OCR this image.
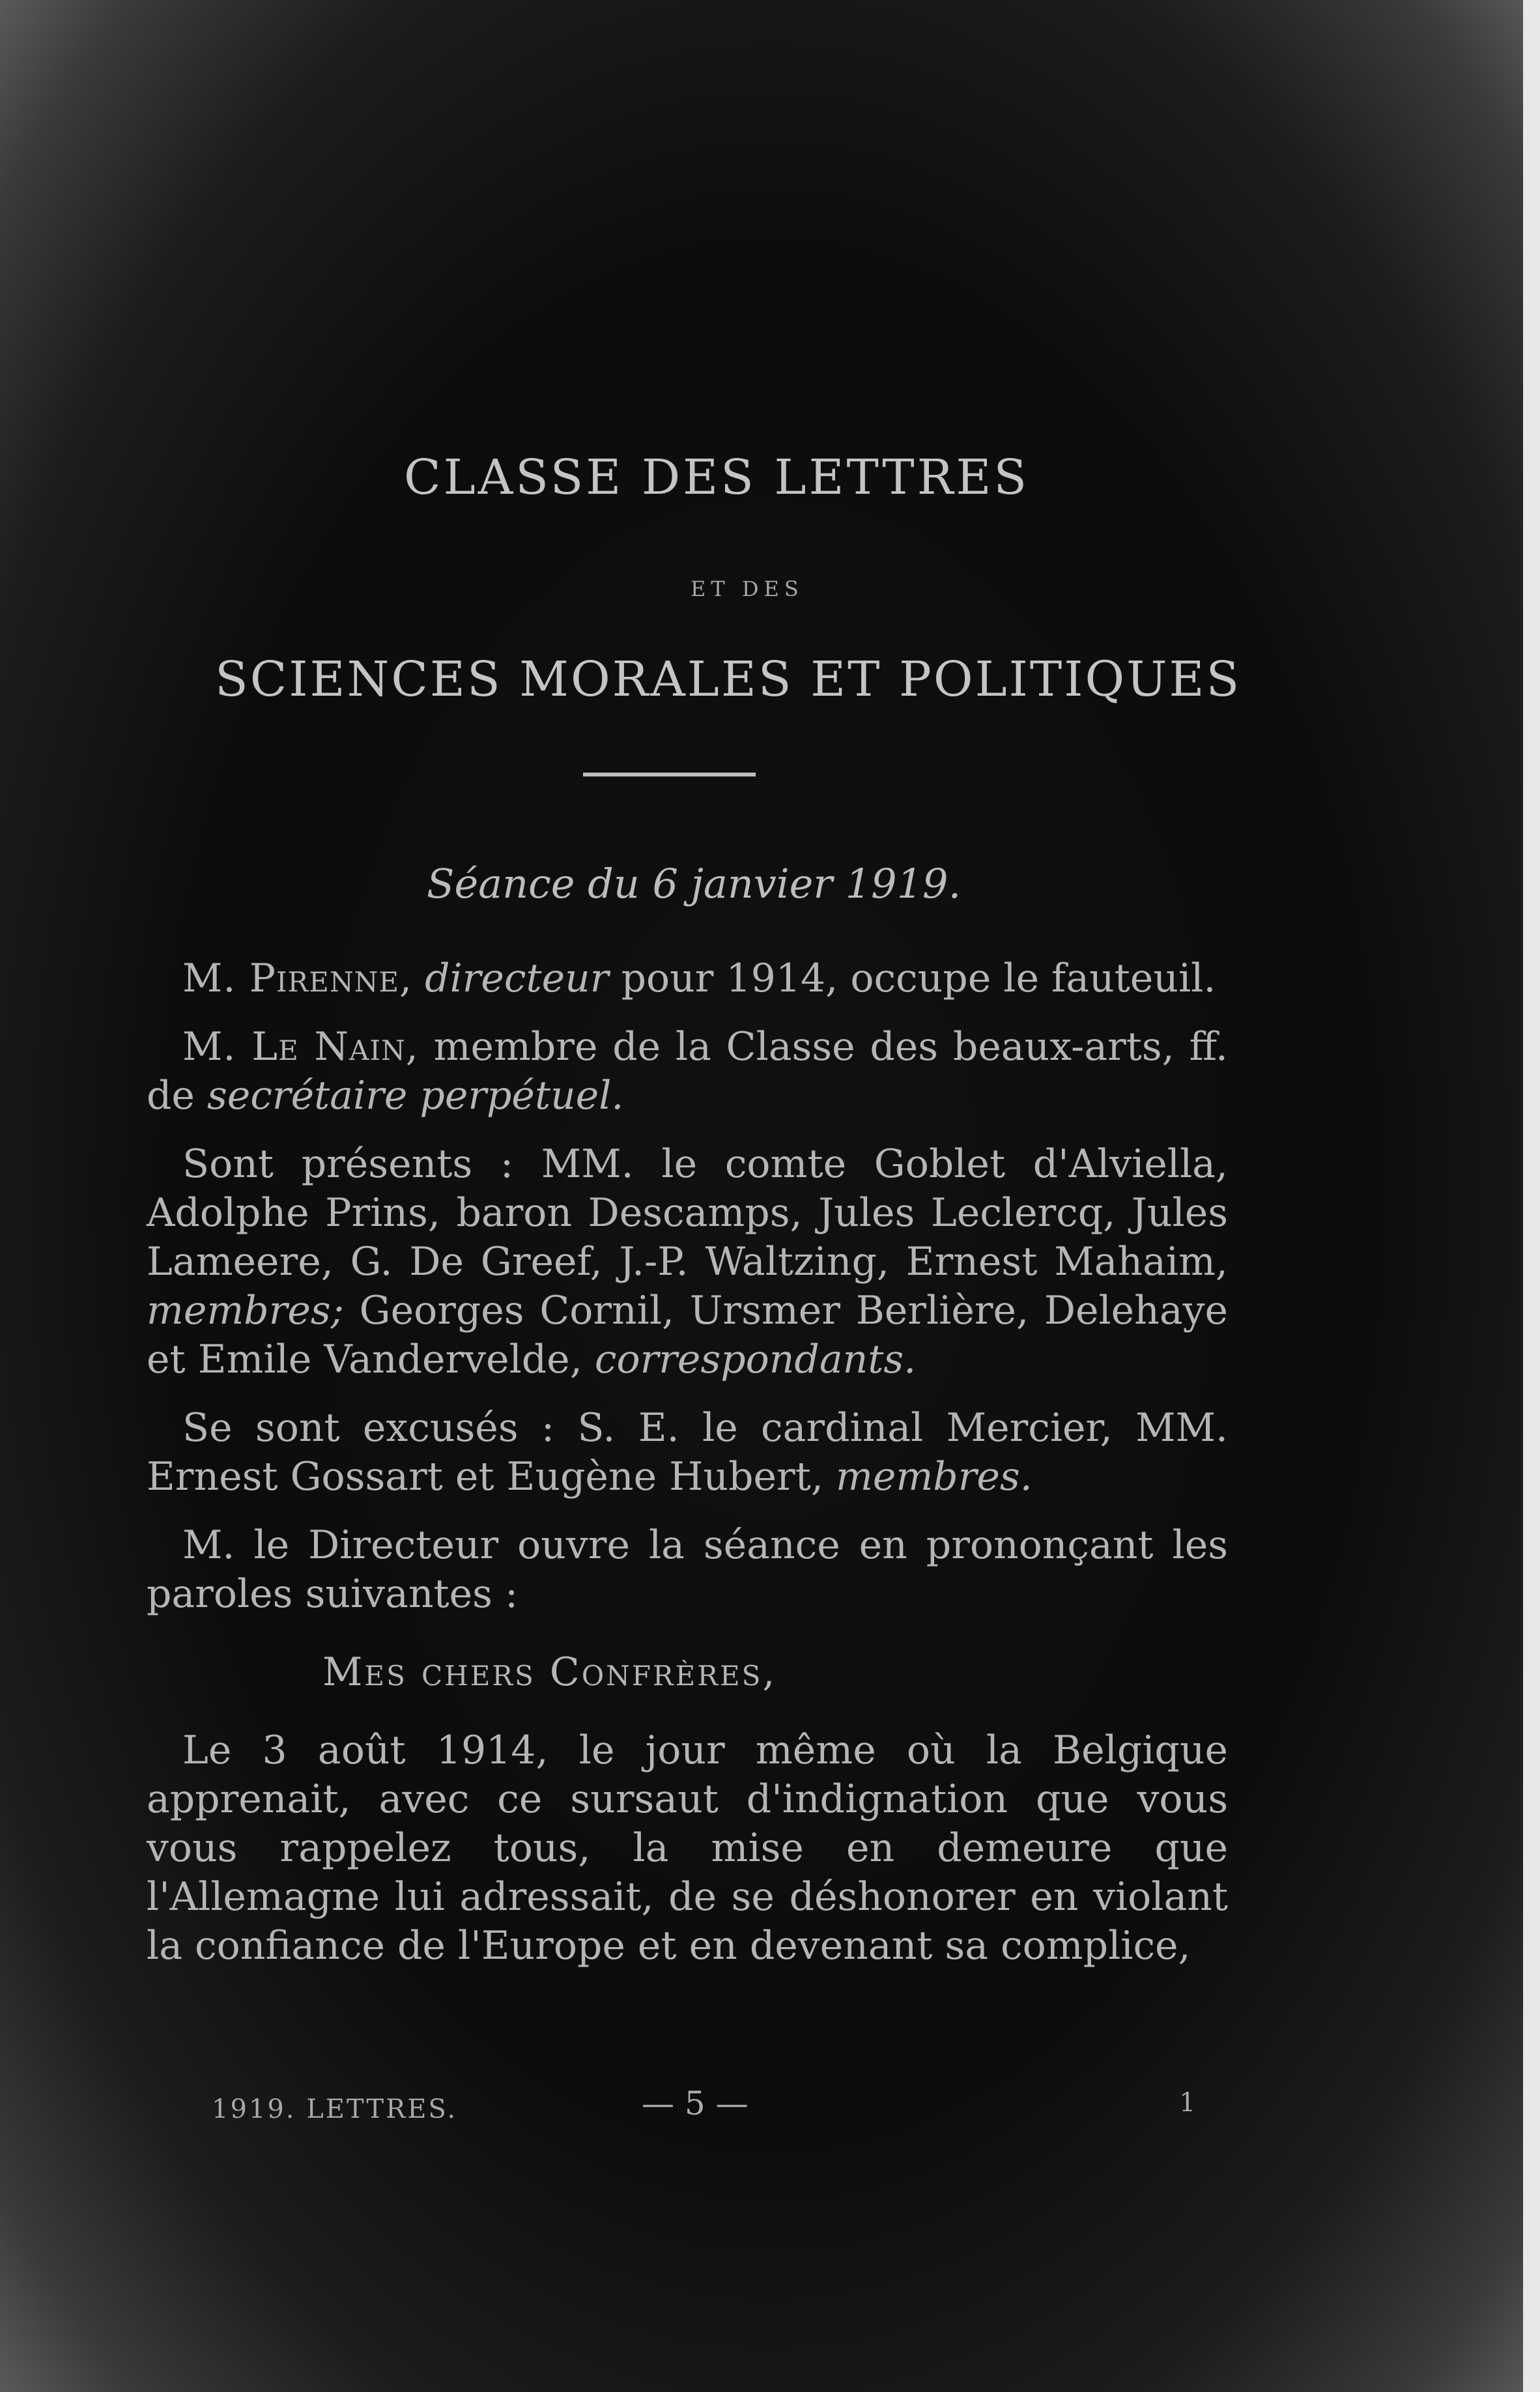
CLASSE DES LETTRES
ET DES
SCIENCES MORALES ET POLITIQUES
Séance du 6 janvier 1919.

M. Pirenne, directeur pour 1914, occupe le fauteuil.

M. Le Nain, membre de la Classe des beaux-arts, ff. de secrétaire perpétuel.

Sont présents : MM. le comte Goblet d'Alviella, Adolphe Prins, baron Descamps, Jules Leclercq, Jules Lameere, G. De Greef, J.-P. Waltzing, Ernest Mahaim, membres; Georges Cornil, Ursmer Berlière, Delehaye et Emile Vandervelde, correspondants.

Se sont excusés : S. E. le cardinal Mercier, MM. Ernest Gossart et Eugène Hubert, membres.

M. le Directeur ouvre la séance en prononçant les paroles suivantes :

Mes chers Confrères,

Le 3 août 1914, le jour même où la Belgique apprenait, avec ce sursaut d'indignation que vous vous rappelez tous, la mise en demeure que l'Allemagne lui adressait, de se déshonorer en violant la confiance de l'Europe et en devenant sa complice,

1919. LETTRES.	— 5 —	1
